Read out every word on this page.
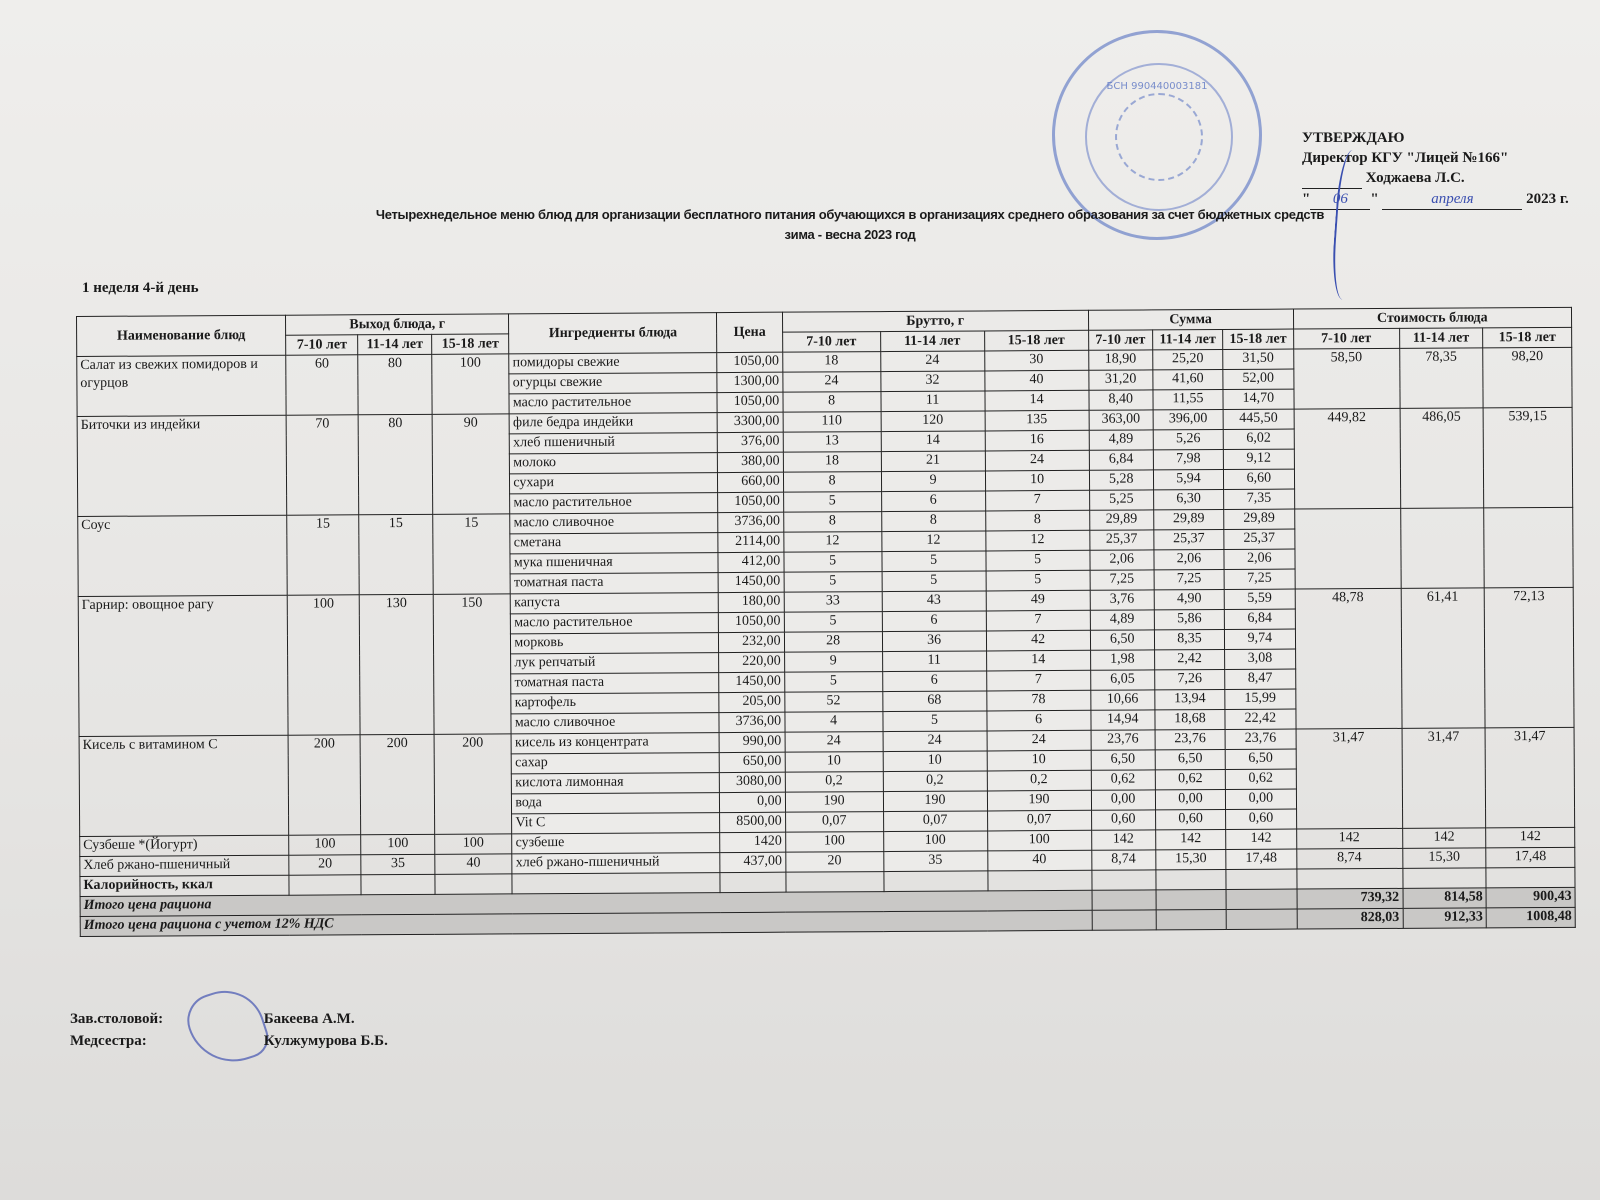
БСН 990440003181
УТВЕРЖДАЮ
Директор КГУ "Лицей №166"
Ходжаева Л.С.
" 06 "	апреля	2023 г.
Четырехнедельное меню блюд для организации бесплатного питания обучающихся в организациях среднего образования за счет бюджетных средств
зима - весна 2023 год
1 неделя 4-й день
Наименование блюд	Выход блюда, г			Ингредиенты блюда	Цена	Брутто, г			Сумма			Стоимость блюда		
	7-10 лет	11-14 лет	15-18 лет			7-10 лет	11-14 лет	15-18 лет	7-10 лет	11-14 лет	15-18 лет	7-10 лет	11-14 лет	15-18 лет
Салат из свежих помидоров и огурцов	60	80	100	помидоры свежие	1050,00	18	24	30	18,90	25,20	31,50	58,50	78,35	98,20
				огурцы свежие	1300,00	24	32	40	31,20	41,60	52,00			
				масло растительное	1050,00	8	11	14	8,40	11,55	14,70			
Биточки из индейки	70	80	90	филе бедра индейки	3300,00	110	120	135	363,00	396,00	445,50	449,82	486,05	539,15
				хлеб пшеничный	376,00	13	14	16	4,89	5,26	6,02			
				молоко	380,00	18	21	24	6,84	7,98	9,12			
				сухари	660,00	8	9	10	5,28	5,94	6,60			
				масло растительное	1050,00	5	6	7	5,25	6,30	7,35			
Соус	15	15	15	масло сливочное	3736,00	8	8	8	29,89	29,89	29,89			
				сметана	2114,00	12	12	12	25,37	25,37	25,37			
				мука пшеничная	412,00	5	5	5	2,06	2,06	2,06			
				томатная паста	1450,00	5	5	5	7,25	7,25	7,25			
Гарнир: овощное рагу	100	130	150	капуста	180,00	33	43	49	3,76	4,90	5,59	48,78	61,41	72,13
				масло растительное	1050,00	5	6	7	4,89	5,86	6,84			
				морковь	232,00	28	36	42	6,50	8,35	9,74			
				лук репчатый	220,00	9	11	14	1,98	2,42	3,08			
				томатная паста	1450,00	5	6	7	6,05	7,26	8,47			
				картофель	205,00	52	68	78	10,66	13,94	15,99			
				масло сливочное	3736,00	4	5	6	14,94	18,68	22,42			
Кисель с витамином С	200	200	200	кисель из концентрата	990,00	24	24	24	23,76	23,76	23,76	31,47	31,47	31,47
				сахар	650,00	10	10	10	6,50	6,50	6,50			
				кислота лимонная	3080,00	0,2	0,2	0,2	0,62	0,62	0,62			
				вода	0,00	190	190	190	0,00	0,00	0,00			
				Vit C	8500,00	0,07	0,07	0,07	0,60	0,60	0,60			
Сузбеше *(Йогурт)	100	100	100	сузбеше	1420	100	100	100	142	142	142	142	142	142
Хлеб ржано-пшеничный	20	35	40	хлеб ржано-пшеничный	437,00	20	35	40	8,74	15,30	17,48	8,74	15,30	17,48
Калорийность, ккал														
Итого цена рациона												739,32	814,58	900,43
Итого цена рациона с учетом 12% НДС												828,03	912,33	1008,48
Зав.столовой:	Бакеева А.М.
Медсестра:	Кулжумурова Б.Б.
